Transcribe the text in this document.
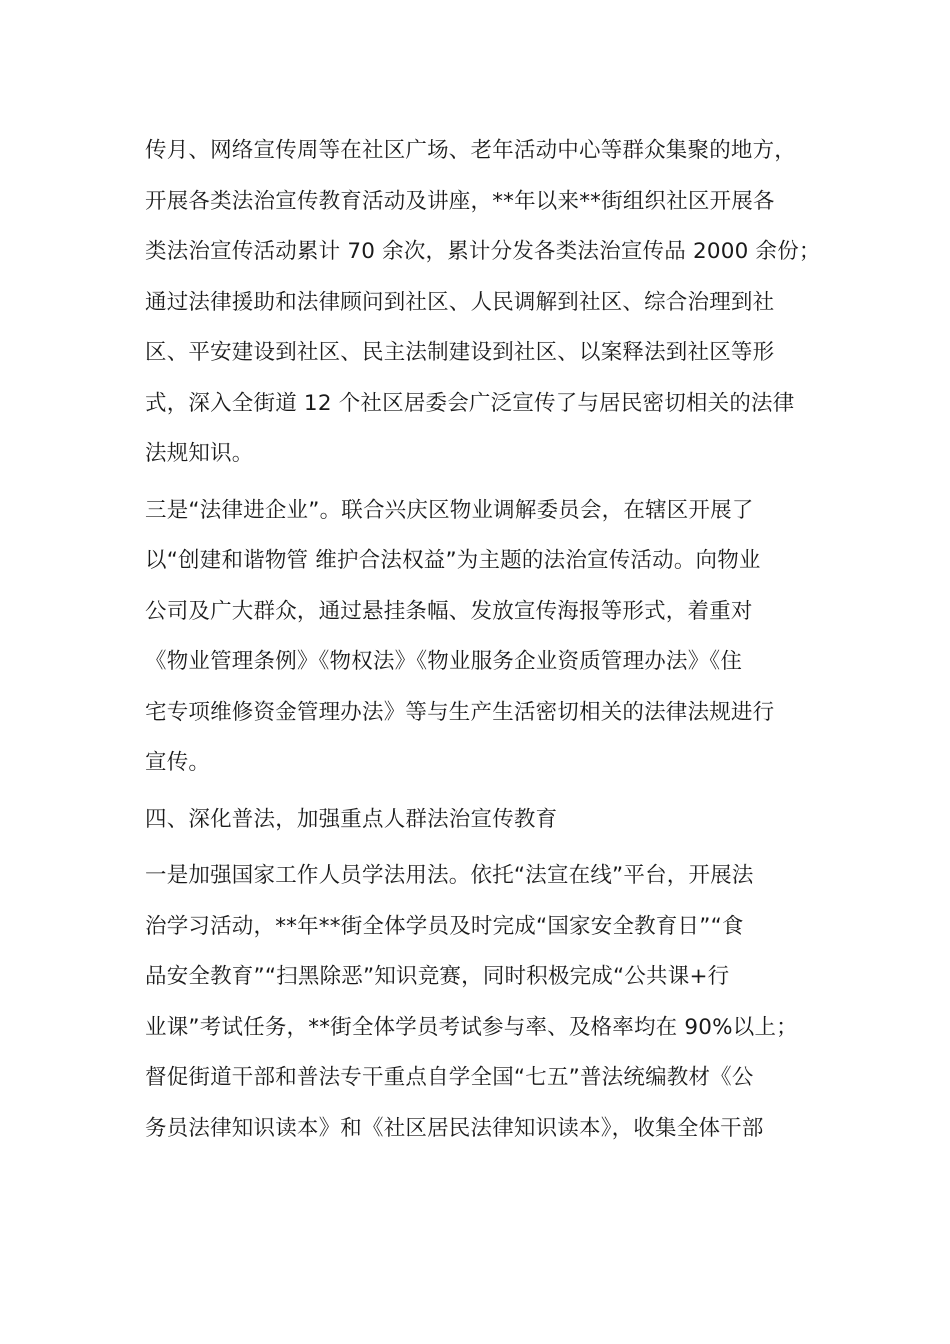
传月、网络宣传周等在社区广场、老年活动中心等群众集聚的地方，
开展各类法治宣传教育活动及讲座，**年以来**街组织社区开展各
类法治宣传活动累计 70 余次，累计分发各类法治宣传品 2000 余份；
通过法律援助和法律顾问到社区、人民调解到社区、综合治理到社
区、平安建设到社区、民主法制建设到社区、以案释法到社区等形
式，深入全街道 12 个社区居委会广泛宣传了与居民密切相关的法律
法规知识。
三是“法律进企业”。联合兴庆区物业调解委员会，在辖区开展了
以“创建和谐物管 维护合法权益”为主题的法治宣传活动。向物业
公司及广大群众，通过悬挂条幅、发放宣传海报等形式，着重对
《物业管理条例》《物权法》《物业服务企业资质管理办法》《住
宅专项维修资金管理办法》等与生产生活密切相关的法律法规进行
宣传。
四、深化普法，加强重点人群法治宣传教育
一是加强国家工作人员学法用法。依托“法宣在线”平台，开展法
治学习活动，**年**街全体学员及时完成“国家安全教育日”“食
品安全教育”“扫黑除恶”知识竞赛，同时积极完成“公共课+行
业课”考试任务，**街全体学员考试参与率、及格率均在 90%以上；
督促街道干部和普法专干重点自学全国“七五”普法统编教材《公
务员法律知识读本》和《社区居民法律知识读本》，收集全体干部
